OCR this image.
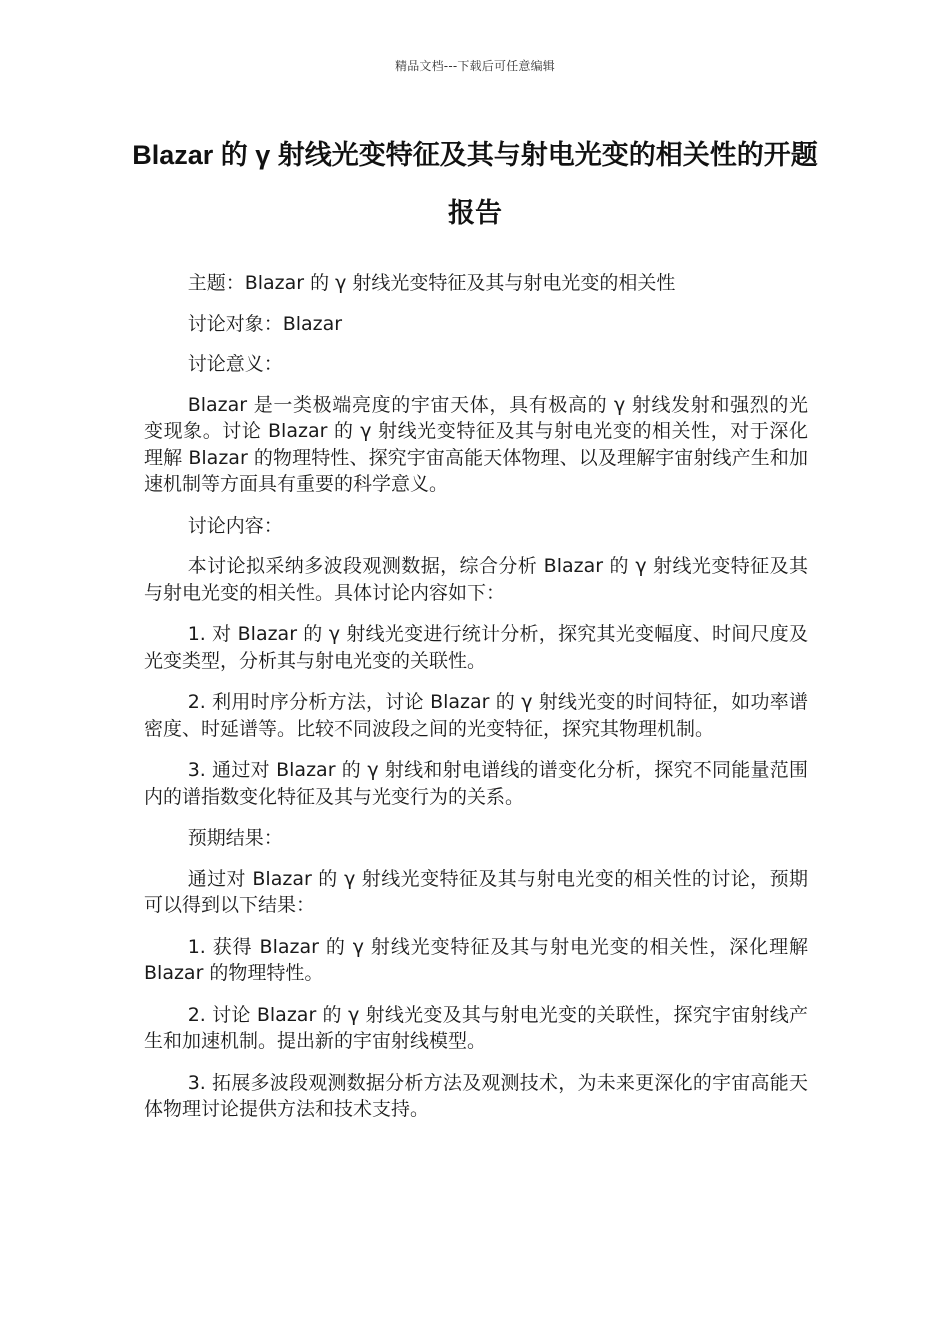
精品文档---下载后可任意编辑
Blazar 的 γ 射线光变特征及其与射电光变的相关性的开题报告

主题：Blazar 的 γ 射线光变特征及其与射电光变的相关性

讨论对象：Blazar

讨论意义：

Blazar 是一类极端亮度的宇宙天体，具有极高的 γ 射线发射和强烈的光变现象。讨论 Blazar 的 γ 射线光变特征及其与射电光变的相关性，对于深化理解 Blazar 的物理特性、探究宇宙高能天体物理、以及理解宇宙射线产生和加速机制等方面具有重要的科学意义。

讨论内容：

本讨论拟采纳多波段观测数据，综合分析 Blazar 的 γ 射线光变特征及其与射电光变的相关性。具体讨论内容如下：

1. 对 Blazar 的 γ 射线光变进行统计分析，探究其光变幅度、时间尺度及光变类型，分析其与射电光变的关联性。

2. 利用时序分析方法，讨论 Blazar 的 γ 射线光变的时间特征，如功率谱密度、时延谱等。比较不同波段之间的光变特征，探究其物理机制。

3. 通过对 Blazar 的 γ 射线和射电谱线的谱变化分析，探究不同能量范围内的谱指数变化特征及其与光变行为的关系。

预期结果：

通过对 Blazar 的 γ 射线光变特征及其与射电光变的相关性的讨论，预期可以得到以下结果：

1. 获得 Blazar 的 γ 射线光变特征及其与射电光变的相关性，深化理解 Blazar 的物理特性。

2. 讨论 Blazar 的 γ 射线光变及其与射电光变的关联性，探究宇宙射线产生和加速机制。提出新的宇宙射线模型。

3. 拓展多波段观测数据分析方法及观测技术，为未来更深化的宇宙高能天体物理讨论提供方法和技术支持。
